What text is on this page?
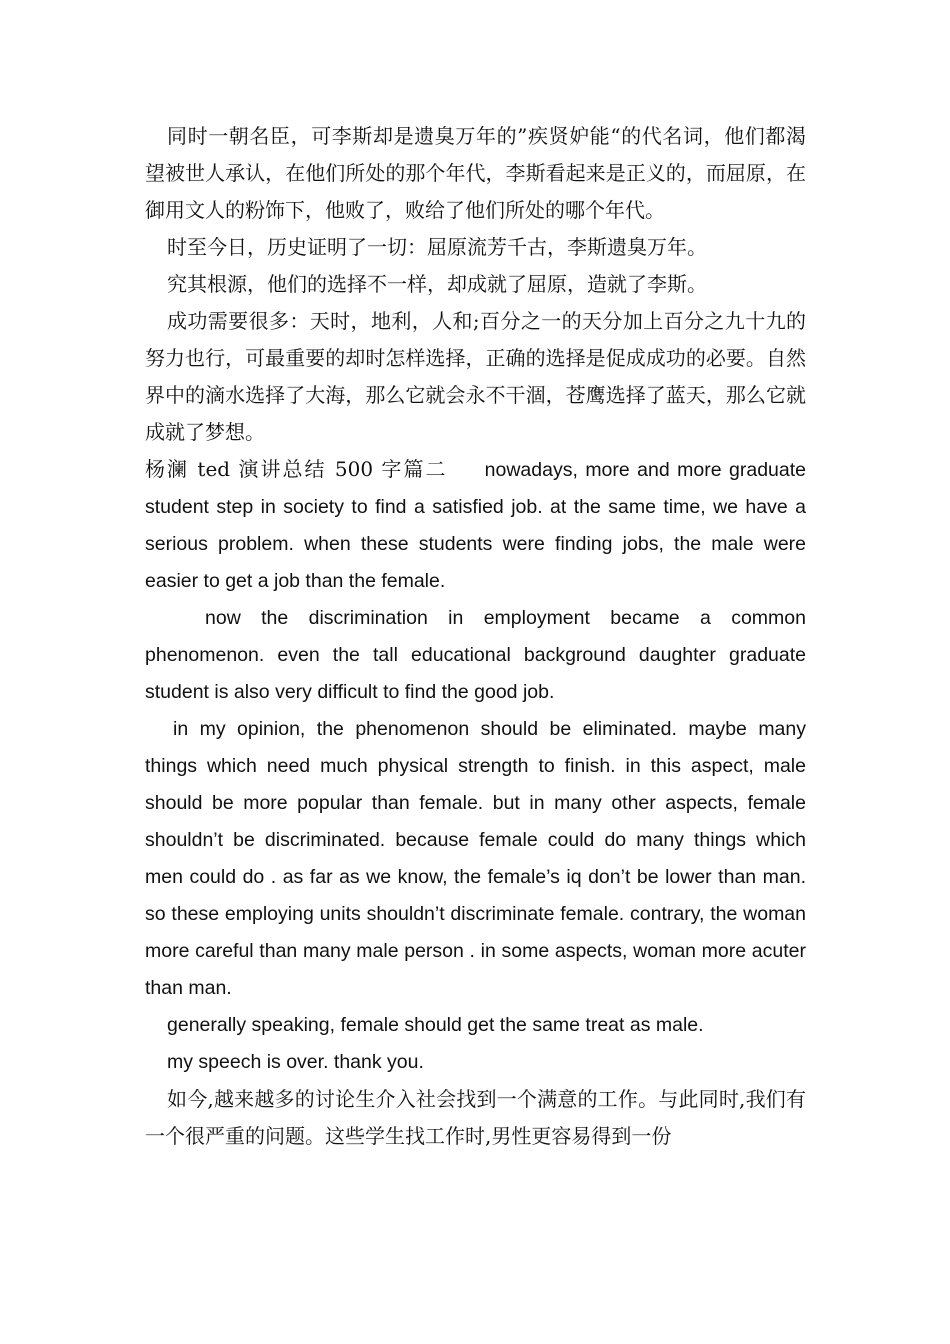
同时一朝名臣，可李斯却是遗臭万年的”疾贤妒能“的代名词，他们都渴望被世人承认，在他们所处的那个年代，李斯看起来是正义的，而屈原，在御用文人的粉饰下，他败了，败给了他们所处的哪个年代。

时至今日，历史证明了一切：屈原流芳千古，李斯遗臭万年。

究其根源，他们的选择不一样，却成就了屈原，造就了李斯。

成功需要很多：天时，地利，人和;百分之一的天分加上百分之九十九的努力也行，可最重要的却时怎样选择，正确的选择是促成成功的必要。自然界中的滴水选择了大海，那么它就会永不干涸，苍鹰选择了蓝天，那么它就成就了梦想。

杨澜 ted 演讲总结 500 字篇二 nowadays, more and more graduate student step in society to find a satisfied job. at the same time, we have a serious problem. when these students were finding jobs, the male were easier to get a job than the female.

now the discrimination in employment became a common phenomenon. even the tall educational background daughter graduate student is also very difficult to find the good job.

in my opinion, the phenomenon should be eliminated. maybe many things which need much physical strength to finish. in this aspect, male should be more popular than female. but in many other aspects, female shouldn’t be discriminated. because female could do many things which men could do . as far as we know, the female’s iq don’t be lower than man. so these employing units shouldn’t discriminate female. contrary, the woman more careful than many male person . in some aspects, woman more acuter than man.

generally speaking, female should get the same treat as male.

my speech is over. thank you.

如今,越来越多的讨论生介入社会找到一个满意的工作。与此同时,我们有一个很严重的问题。这些学生找工作时,男性更容易得到一份
